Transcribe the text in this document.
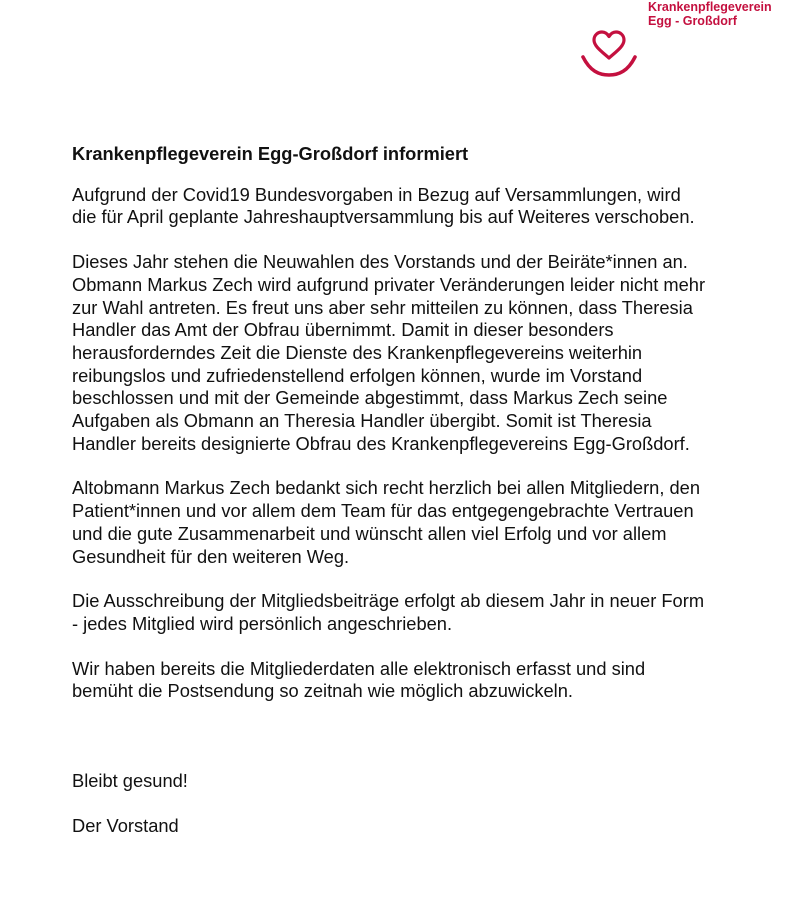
Krankenpflegeverein
Egg - Großdorf
Krankenpflegeverein Egg-Großdorf informiert
Aufgrund der Covid19 Bundesvorgaben in Bezug auf Versammlungen, wird
die für April geplante Jahreshauptversammlung bis auf Weiteres verschoben.
Dieses Jahr stehen die Neuwahlen des Vorstands und der Beiräte*innen an.
Obmann Markus Zech wird aufgrund privater Veränderungen leider nicht mehr
zur Wahl antreten. Es freut uns aber sehr mitteilen zu können, dass Theresia
Handler das Amt der Obfrau übernimmt. Damit in dieser besonders
herausforderndes Zeit die Dienste des Krankenpflegevereins weiterhin
reibungslos und zufriedenstellend erfolgen können, wurde im Vorstand
beschlossen und mit der Gemeinde abgestimmt, dass Markus Zech seine
Aufgaben als Obmann an Theresia Handler übergibt. Somit ist Theresia
Handler bereits designierte Obfrau des Krankenpflegevereins Egg-Großdorf.
Altobmann Markus Zech bedankt sich recht herzlich bei allen Mitgliedern, den
Patient*innen und vor allem dem Team für das entgegengebrachte Vertrauen
und die gute Zusammenarbeit und wünscht allen viel Erfolg und vor allem
Gesundheit für den weiteren Weg.
Die Ausschreibung der Mitgliedsbeiträge erfolgt ab diesem Jahr in neuer Form
- jedes Mitglied wird persönlich angeschrieben.
Wir haben bereits die Mitgliederdaten alle elektronisch erfasst und sind
bemüht die Postsendung so zeitnah wie möglich abzuwickeln.
Bleibt gesund!
Der Vorstand
